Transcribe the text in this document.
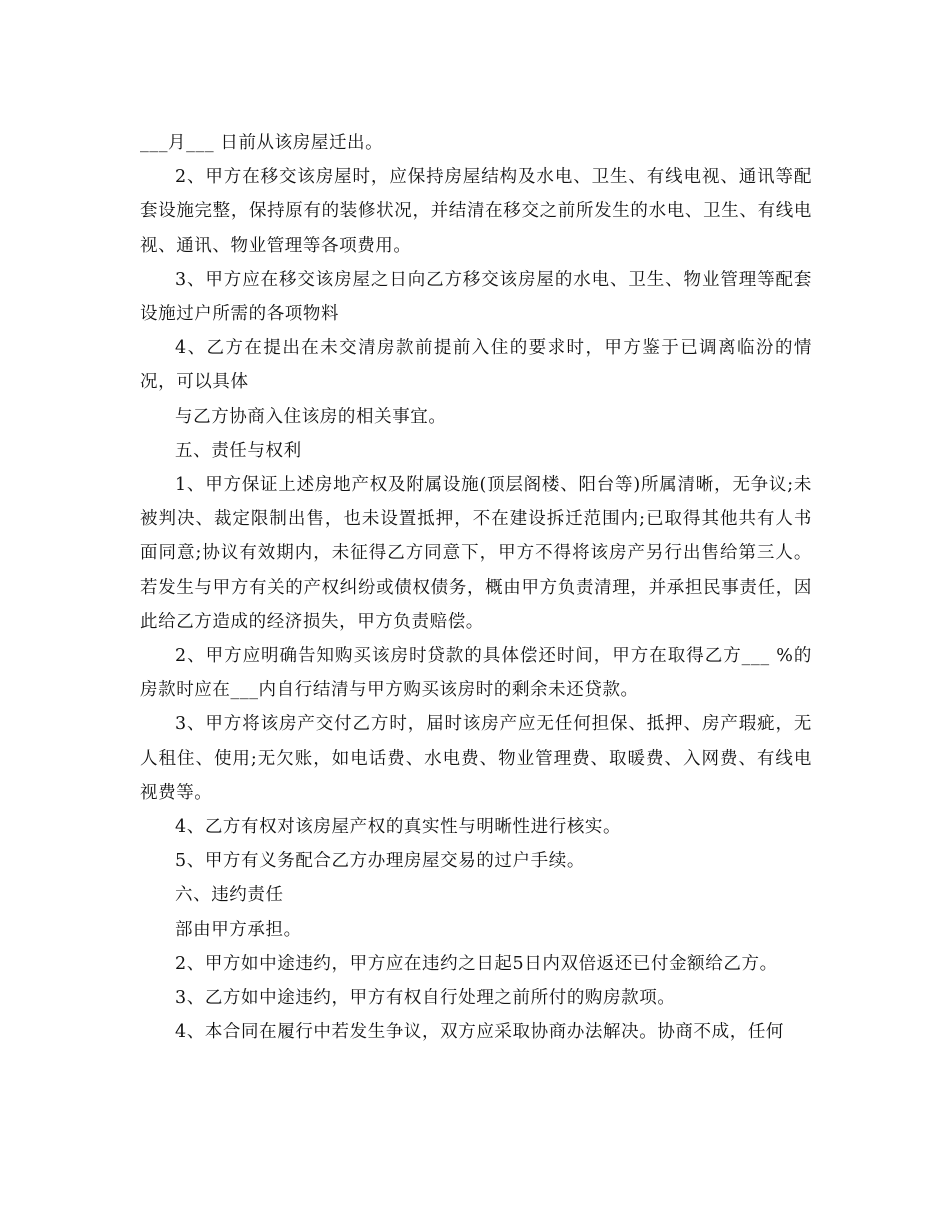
___月___ 日前从该房屋迁出。

2、甲方在移交该房屋时，应保持房屋结构及水电、卫生、有线电视、通讯等配套设施完整，保持原有的装修状况，并结清在移交之前所发生的水电、卫生、有线电视、通讯、物业管理等各项费用。

3、甲方应在移交该房屋之日向乙方移交该房屋的水电、卫生、物业管理等配套设施过户所需的各项物料

4、乙方在提出在未交清房款前提前入住的要求时，甲方鉴于已调离临汾的情况，可以具体

与乙方协商入住该房的相关事宜。

五、责任与权利

1、甲方保证上述房地产权及附属设施(顶层阁楼、阳台等)所属清晰，无争议;未被判决、裁定限制出售，也未设置抵押，不在建设拆迁范围内;已取得其他共有人书面同意;协议有效期内，未征得乙方同意下，甲方不得将该房产另行出售给第三人。若发生与甲方有关的产权纠纷或债权债务，概由甲方负责清理，并承担民事责任，因此给乙方造成的经济损失，甲方负责赔偿。

2、甲方应明确告知购买该房时贷款的具体偿还时间，甲方在取得乙方___ %的房款时应在___内自行结清与甲方购买该房时的剩余未还贷款。

3、甲方将该房产交付乙方时，届时该房产应无任何担保、抵押、房产瑕疵，无人租住、使用;无欠账，如电话费、水电费、物业管理费、取暖费、入网费、有线电视费等。

4、乙方有权对该房屋产权的真实性与明晰性进行核实。

5、甲方有义务配合乙方办理房屋交易的过户手续。

六、违约责任

部由甲方承担。

2、甲方如中途违约，甲方应在违约之日起5日内双倍返还已付金额给乙方。

3、乙方如中途违约，甲方有权自行处理之前所付的购房款项。

4、本合同在履行中若发生争议，双方应采取协商办法解决。协商不成，任何
